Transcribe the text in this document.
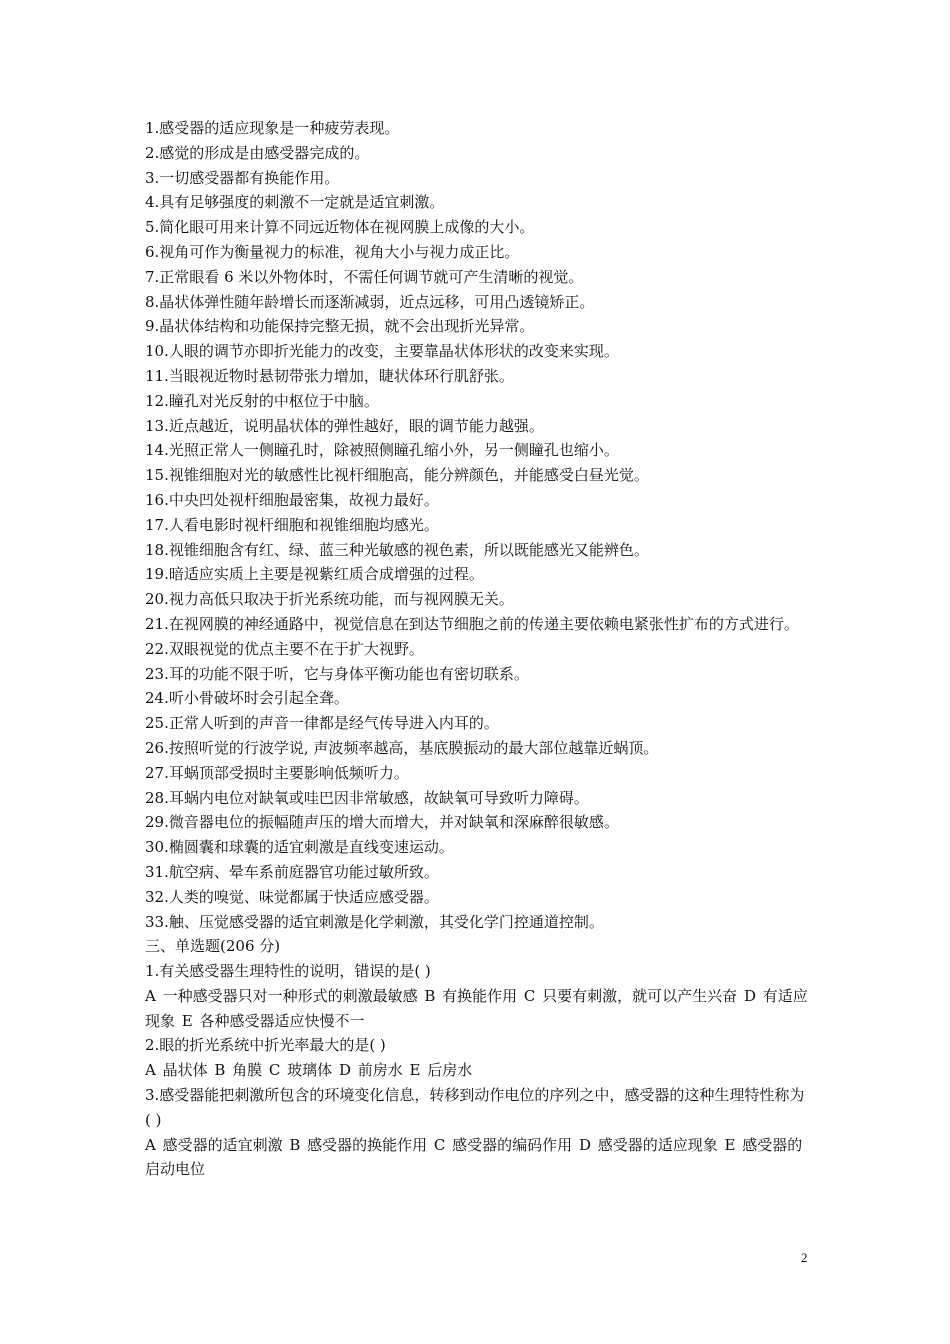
1.感受器的适应现象是一种疲劳表现。
2.感觉的形成是由感受器完成的。
3.一切感受器都有换能作用。
4.具有足够强度的刺激不一定就是适宜刺激。
5.简化眼可用来计算不同远近物体在视网膜上成像的大小。
6.视角可作为衡量视力的标准，视角大小与视力成正比。
7.正常眼看 6 米以外物体时，不需任何调节就可产生清晰的视觉。
8.晶状体弹性随年龄增长而逐渐减弱，近点远移，可用凸透镜矫正。
9.晶状体结构和功能保持完整无损，就不会出现折光异常。
10.人眼的调节亦即折光能力的改变，主要靠晶状体形状的改变来实现。
11.当眼视近物时悬韧带张力增加，睫状体环行肌舒张。
12.瞳孔对光反射的中枢位于中脑。
13.近点越近，说明晶状体的弹性越好，眼的调节能力越强。
14.光照正常人一侧瞳孔时，除被照侧瞳孔缩小外，另一侧瞳孔也缩小。
15.视锥细胞对光的敏感性比视杆细胞高，能分辨颜色，并能感受白昼光觉。
16.中央凹处视杆细胞最密集，故视力最好。
17.人看电影时视杆细胞和视锥细胞均感光。
18.视锥细胞含有红、绿、蓝三种光敏感的视色素，所以既能感光又能辨色。
19.暗适应实质上主要是视紫红质合成增强的过程。
20.视力高低只取决于折光系统功能，而与视网膜无关。
21.在视网膜的神经通路中，视觉信息在到达节细胞之前的传递主要依赖电紧张性扩布的方式进行。
22.双眼视觉的优点主要不在于扩大视野。
23.耳的功能不限于听，它与身体平衡功能也有密切联系。
24.听小骨破坏时会引起全聋。
25.正常人听到的声音一律都是经气传导进入内耳的。
26.按照听觉的行波学说, 声波频率越高，基底膜振动的最大部位越靠近蜗顶。
27.耳蜗顶部受损时主要影响低频听力。
28.耳蜗内电位对缺氧或哇巴因非常敏感，故缺氧可导致听力障碍。
29.微音器电位的振幅随声压的增大而增大，并对缺氧和深麻醉很敏感。
30.椭圆囊和球囊的适宜刺激是直线变速运动。
31.航空病、晕车系前庭器官功能过敏所致。
32.人类的嗅觉、味觉都属于快适应感受器。
33.触、压觉感受器的适宜刺激是化学刺激，其受化学门控通道控制。
三、单选题(206 分)
1.有关感受器生理特性的说明，错误的是( )
A 一种感受器只对一种形式的刺激最敏感 B 有换能作用 C 只要有刺激，就可以产生兴奋 D 有适应现象 E 各种感受器适应快慢不一
2.眼的折光系统中折光率最大的是( )
A 晶状体 B 角膜 C 玻璃体 D 前房水 E 后房水
3.感受器能把刺激所包含的环境变化信息，转移到动作电位的序列之中，感受器的这种生理特性称为( )
A 感受器的适宜刺激 B 感受器的换能作用 C 感受器的编码作用 D 感受器的适应现象 E 感受器的启动电位
2
